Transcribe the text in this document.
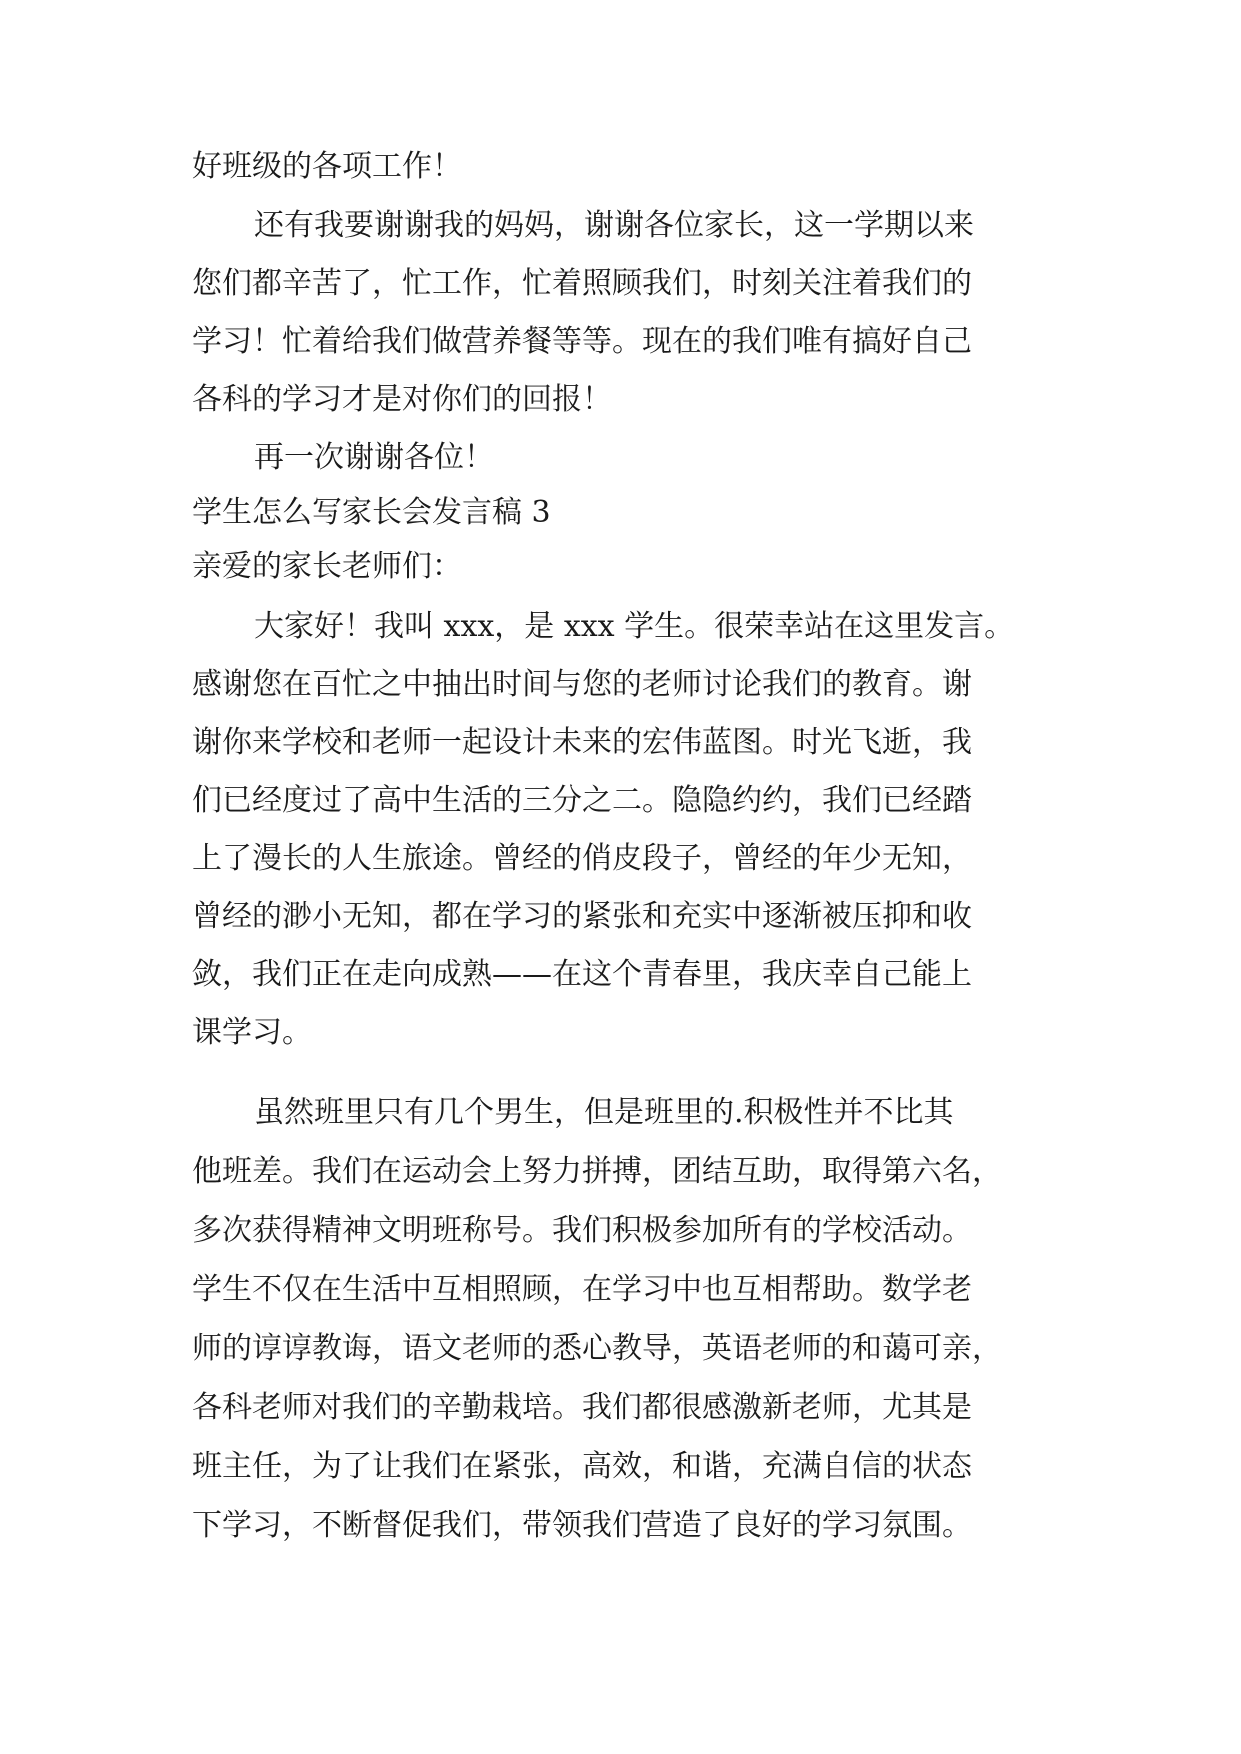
好班级的各项工作！
还有我要谢谢我的妈妈，谢谢各位家长，这一学期以来
您们都辛苦了，忙工作，忙着照顾我们，时刻关注着我们的
学习！忙着给我们做营养餐等等。现在的我们唯有搞好自己
各科的学习才是对你们的回报！
再一次谢谢各位！
学生怎么写家长会发言稿 3
亲爱的家长老师们：
大家好！我叫 xxx，是 xxx 学生。很荣幸站在这里发言。
感谢您在百忙之中抽出时间与您的老师讨论我们的教育。谢
谢你来学校和老师一起设计未来的宏伟蓝图。时光飞逝，我
们已经度过了高中生活的三分之二。隐隐约约，我们已经踏
上了漫长的人生旅途。曾经的俏皮段子，曾经的年少无知，
曾经的渺小无知，都在学习的紧张和充实中逐渐被压抑和收
敛，我们正在走向成熟——在这个青春里，我庆幸自己能上
课学习。
虽然班里只有几个男生，但是班里的.积极性并不比其
他班差。我们在运动会上努力拼搏，团结互助，取得第六名，
多次获得精神文明班称号。我们积极参加所有的学校活动。
学生不仅在生活中互相照顾，在学习中也互相帮助。数学老
师的谆谆教诲，语文老师的悉心教导，英语老师的和蔼可亲，
各科老师对我们的辛勤栽培。我们都很感激新老师，尤其是
班主任，为了让我们在紧张，高效，和谐，充满自信的状态
下学习，不断督促我们，带领我们营造了良好的学习氛围。
